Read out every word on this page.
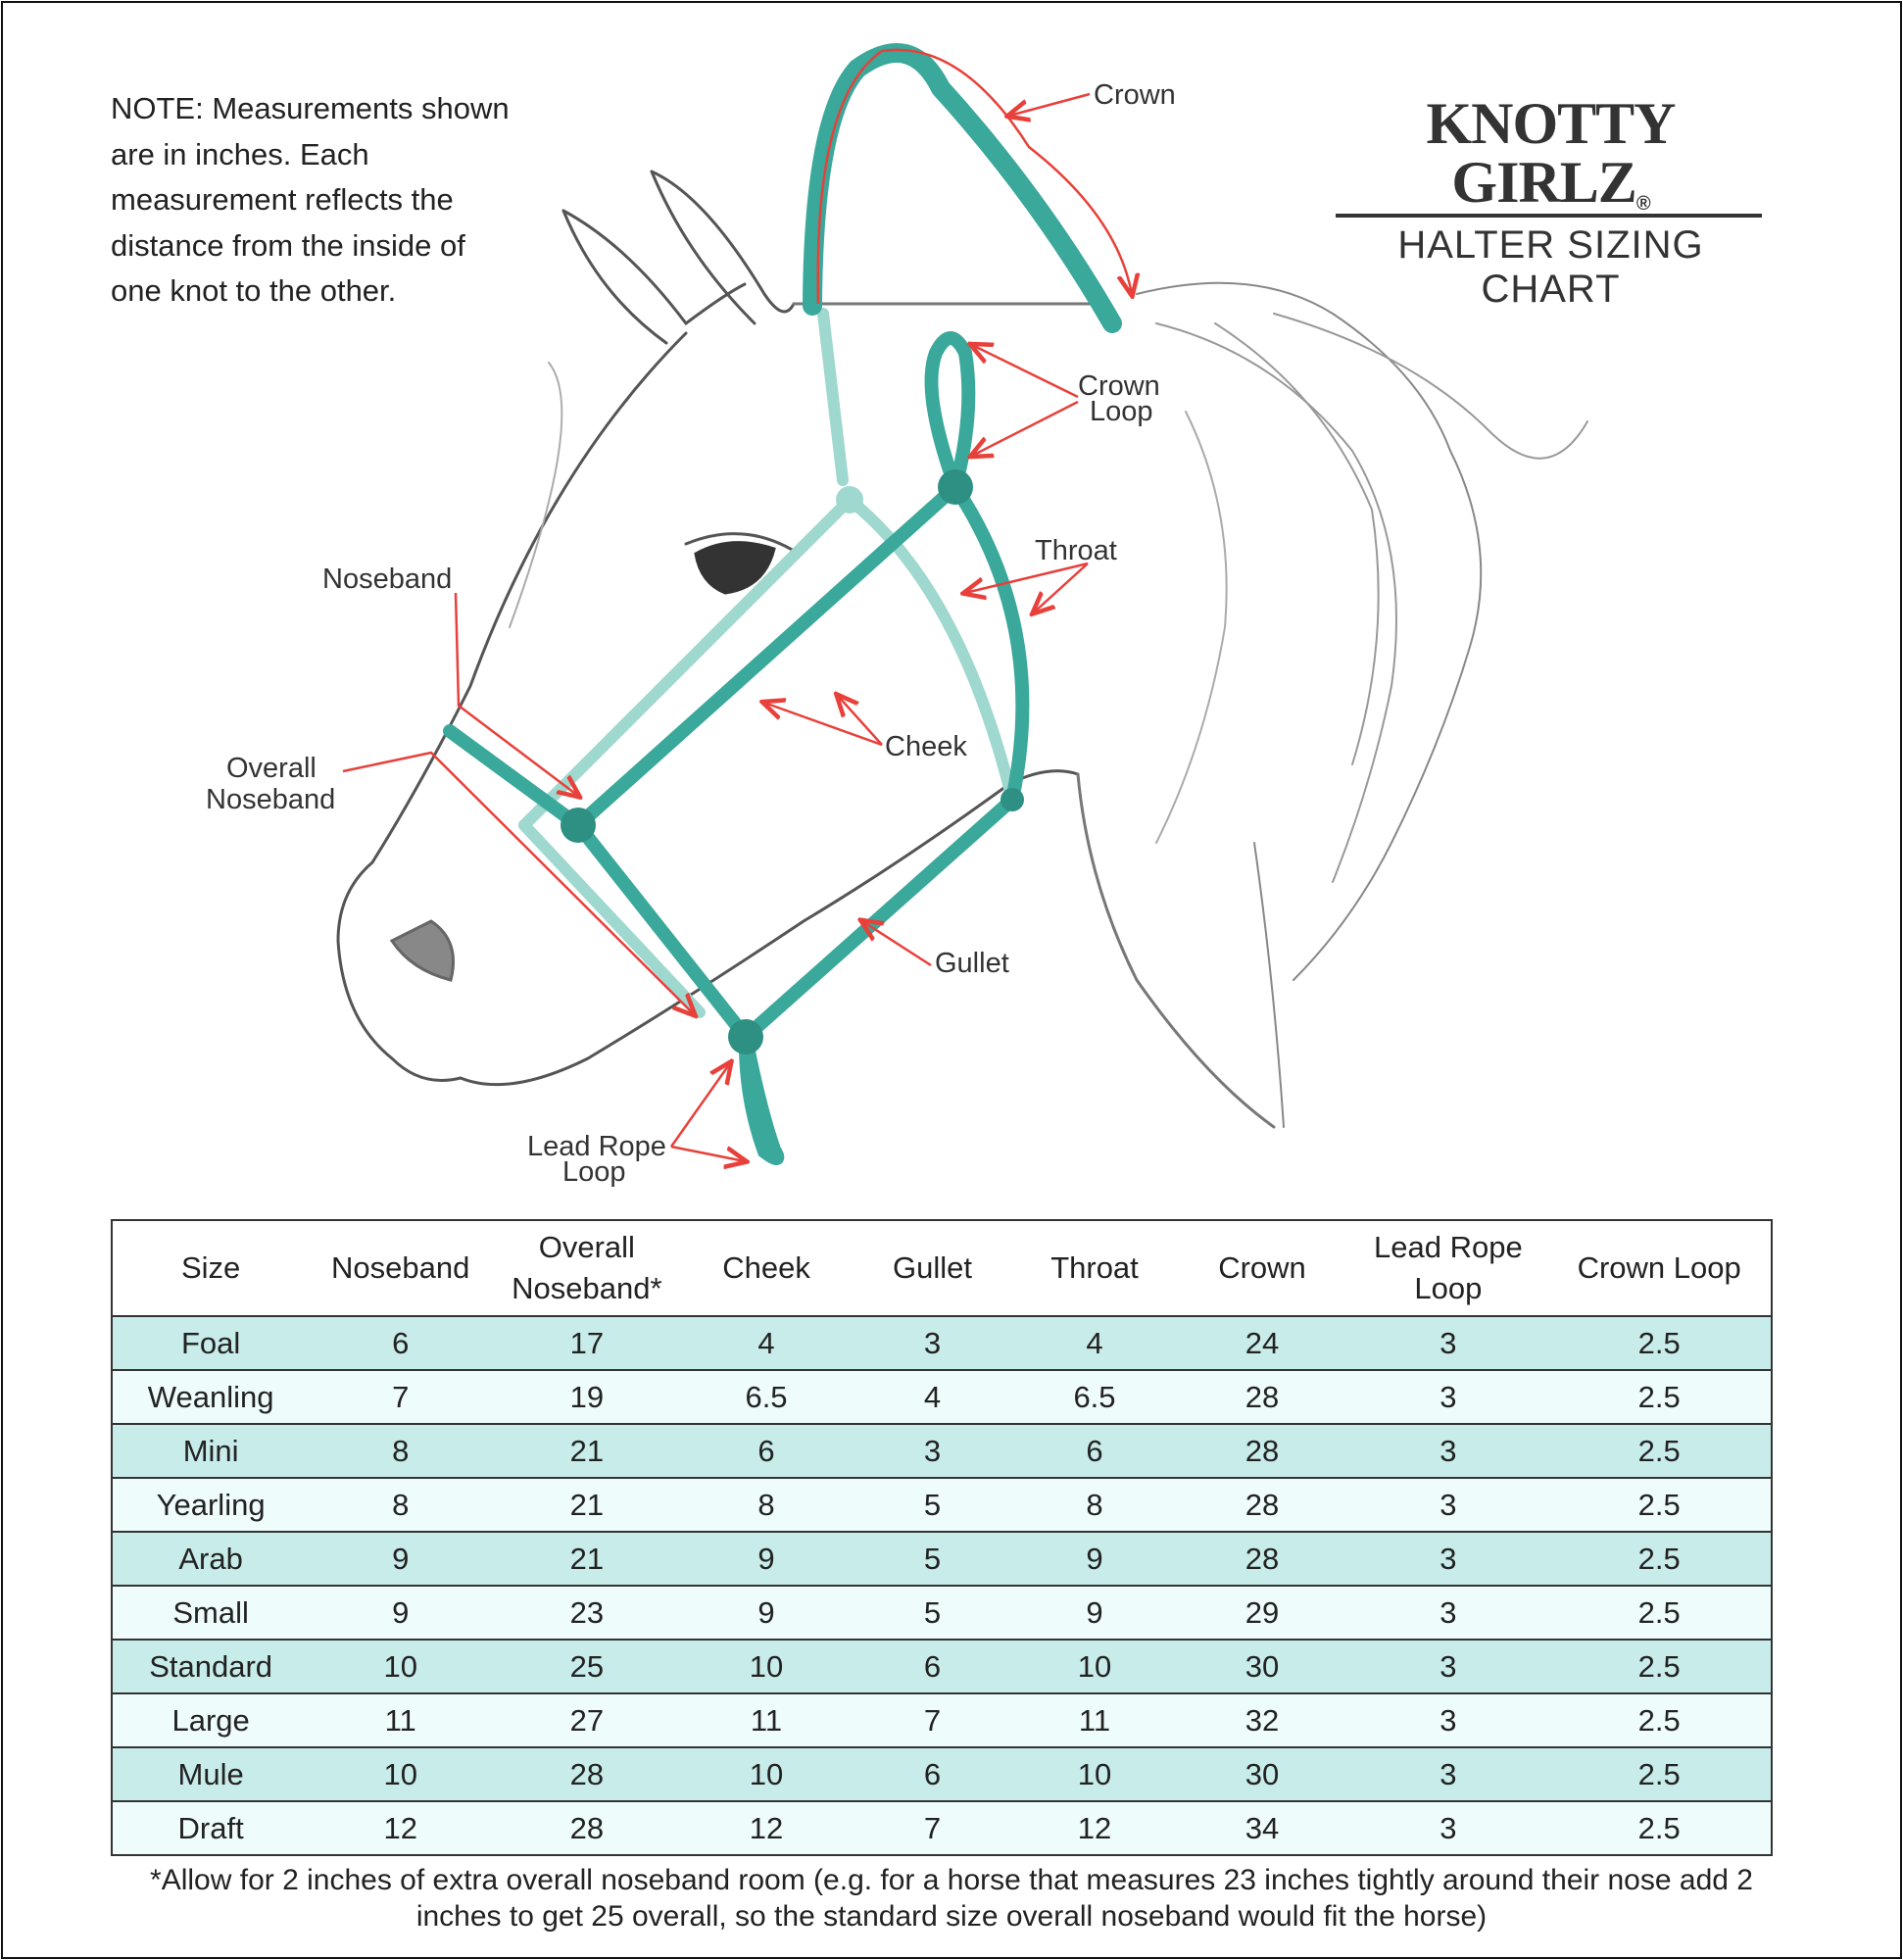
NOTE: Measurements shown are in inches. Each measurement reflects the distance from the inside of one knot to the other.
KNOTTY GIRLZ®
HALTER SIZING CHART
Crown
Crown
Loop
Throat
Noseband
Cheek
Overall
Noseband
Gullet
Lead Rope
Loop
Size	Noseband	Overall Noseband*	Cheek	Gullet	Throat	Crown	Lead Rope Loop	Crown Loop
Foal	6	17	4	3	4	24	3	2.5
Weanling	7	19	6.5	4	6.5	28	3	2.5
Mini	8	21	6	3	6	28	3	2.5
Yearling	8	21	8	5	8	28	3	2.5
Arab	9	21	9	5	9	28	3	2.5
Small	9	23	9	5	9	29	3	2.5
Standard	10	25	10	6	10	30	3	2.5
Large	11	27	11	7	11	32	3	2.5
Mule	10	28	10	6	10	30	3	2.5
Draft	12	28	12	7	12	34	3	2.5
*Allow for 2 inches of extra overall noseband room (e.g. for a horse that measures 23 inches tightly around their nose add 2 inches to get 25 overall, so the standard size overall noseband would fit the horse)
